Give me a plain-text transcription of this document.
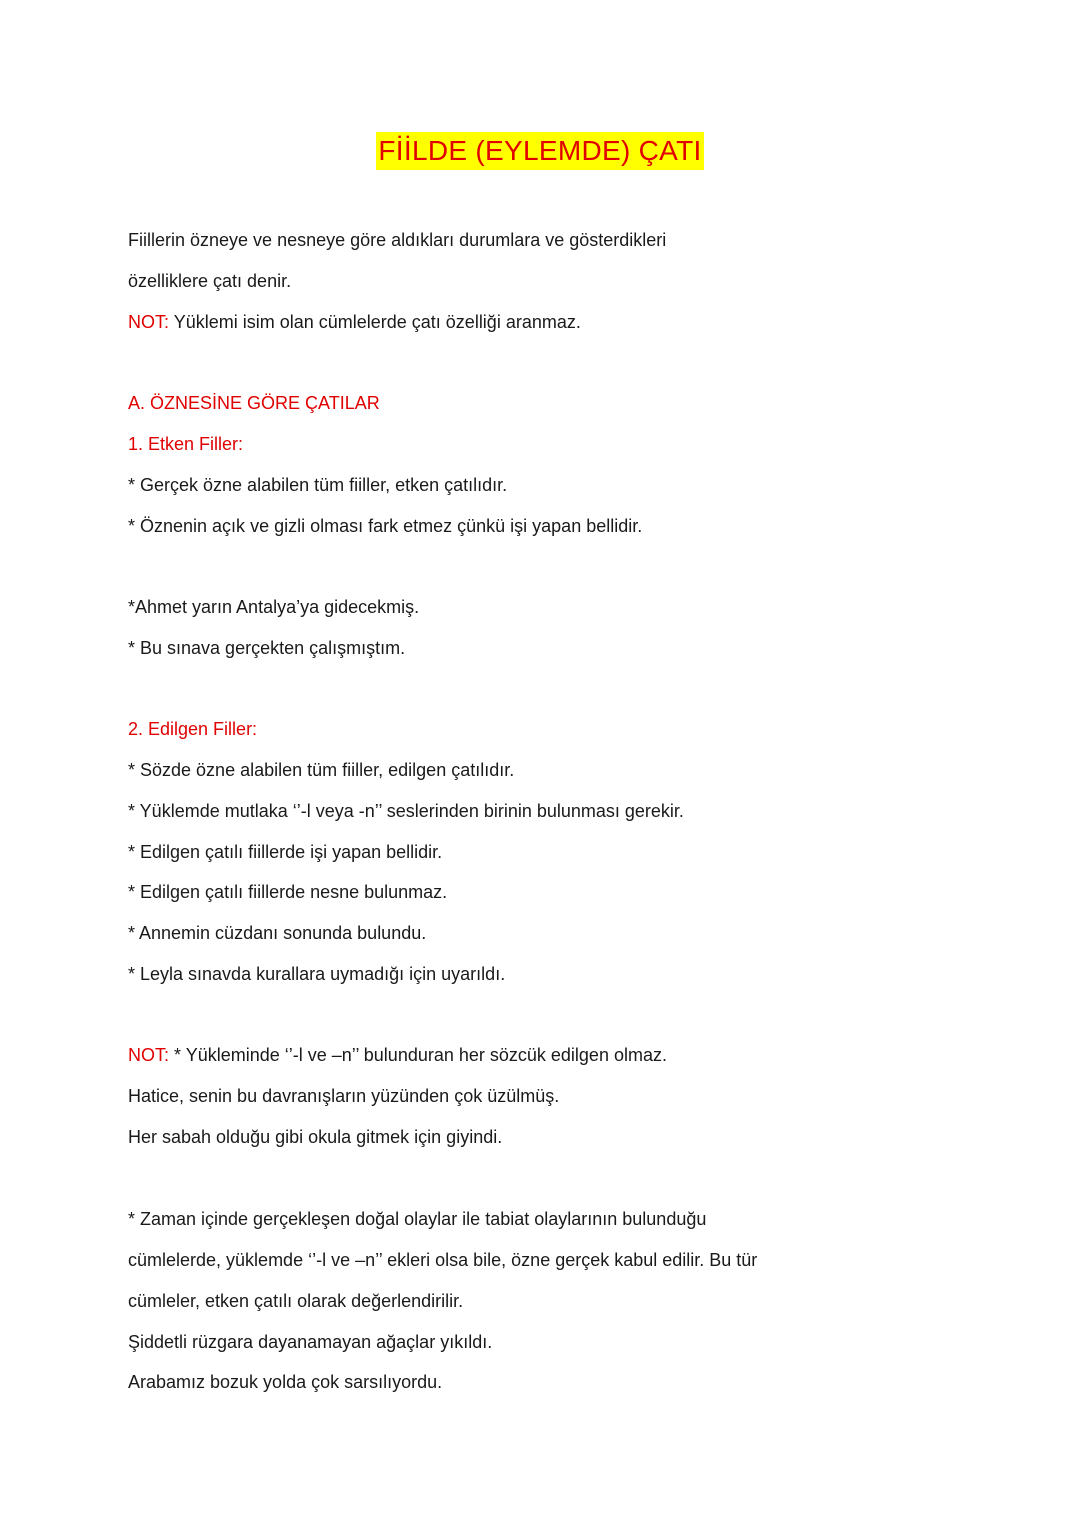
FİİLDE (EYLEMDE) ÇATI
Fiillerin özneye ve nesneye göre aldıkları durumlara ve gösterdikleri
özelliklere çatı denir.
NOT: Yüklemi isim olan cümlelerde çatı özelliği aranmaz.
A. ÖZNESİNE GÖRE ÇATILAR
1. Etken Filler:
* Gerçek özne alabilen tüm fiiller, etken çatılıdır.
* Öznenin açık ve gizli olması fark etmez çünkü işi yapan bellidir.
*Ahmet yarın Antalya’ya gidecekmiş.
* Bu sınava gerçekten çalışmıştım.
2. Edilgen Filler:
* Sözde özne alabilen tüm fiiller, edilgen çatılıdır.
* Yüklemde mutlaka ‘’-l veya -n’’ seslerinden birinin bulunması gerekir.
* Edilgen çatılı fiillerde işi yapan bellidir.
* Edilgen çatılı fiillerde nesne bulunmaz.
* Annemin cüzdanı sonunda bulundu.
* Leyla sınavda kurallara uymadığı için uyarıldı.
NOT: * Yükleminde ‘’-l ve –n’’ bulunduran her sözcük edilgen olmaz.
Hatice, senin bu davranışların yüzünden çok üzülmüş.
Her sabah olduğu gibi okula gitmek için giyindi.
* Zaman içinde gerçekleşen doğal olaylar ile tabiat olaylarının bulunduğu
cümlelerde, yüklemde ‘’-l ve –n’’ ekleri olsa bile, özne gerçek kabul edilir. Bu tür
cümleler, etken çatılı olarak değerlendirilir.
Şiddetli rüzgara dayanamayan ağaçlar yıkıldı.
Arabamız bozuk yolda çok sarsılıyordu.
